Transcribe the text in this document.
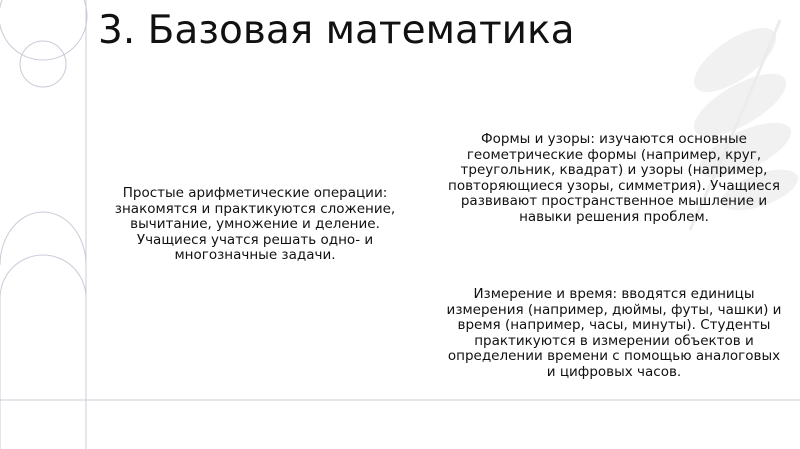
3. Базовая математика

Простые арифметические операции: знакомятся и практикуются сложение, вычитание, умножение и деление. Учащиеся учатся решать одно- и многозначные задачи.

Формы и узоры: изучаются основные геометрические формы (например, круг, треугольник, квадрат) и узоры (например, повторяющиеся узоры, симметрия). Учащиеся развивают пространственное мышление и навыки решения проблем.

Измерение и время: вводятся единицы измерения (например, дюймы, футы, чашки) и время (например, часы, минуты). Студенты практикуются в измерении объектов и определении времени с помощью аналоговых и цифровых часов.
